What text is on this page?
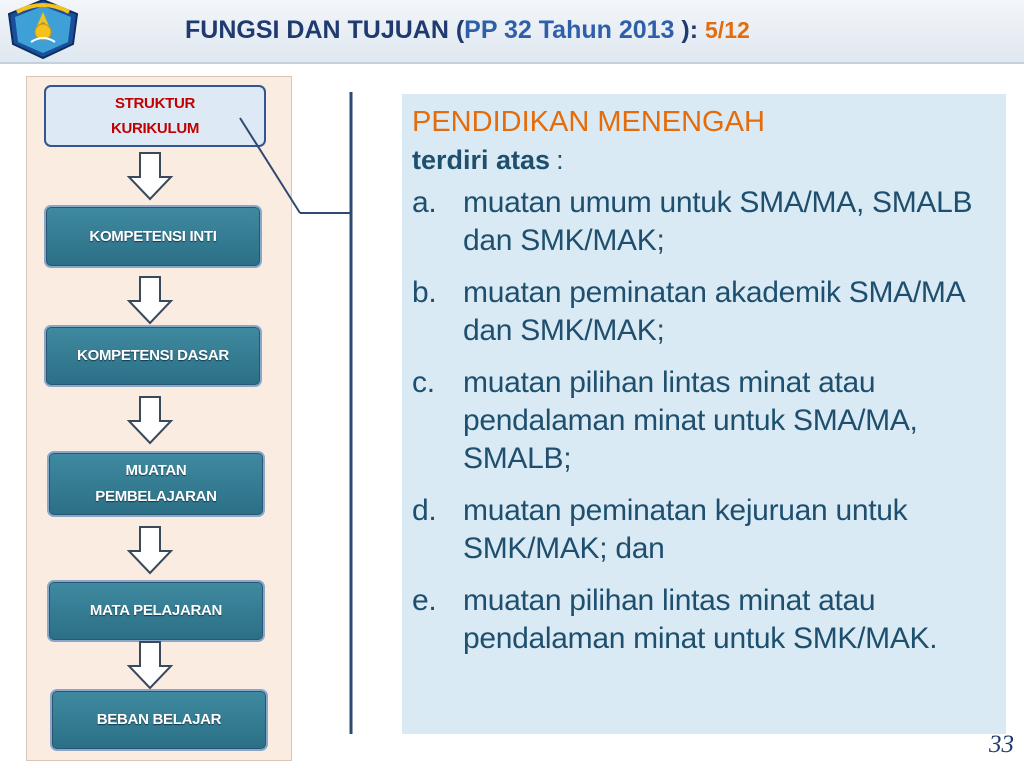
FUNGSI DAN TUJUAN (PP 32 Tahun 2013 ): 5/12
STRUKTUR
KURIKULUM
KOMPETENSI INTI
KOMPETENSI DASAR
MUATAN
PEMBELAJARAN
MATA PELAJARAN
BEBAN BELAJAR

PENDIDIKAN MENENGAH

terdiri atas :

a. muatan umum untuk SMA/MA, SMALB dan SMK/MAK;
b. muatan peminatan akademik SMA/MA dan SMK/MAK;
c. muatan pilihan lintas minat atau pendalaman minat untuk SMA/MA, SMALB;
d. muatan peminatan kejuruan untuk SMK/MAK; dan
e. muatan pilihan lintas minat atau pendalaman minat untuk SMK/MAK.
33
